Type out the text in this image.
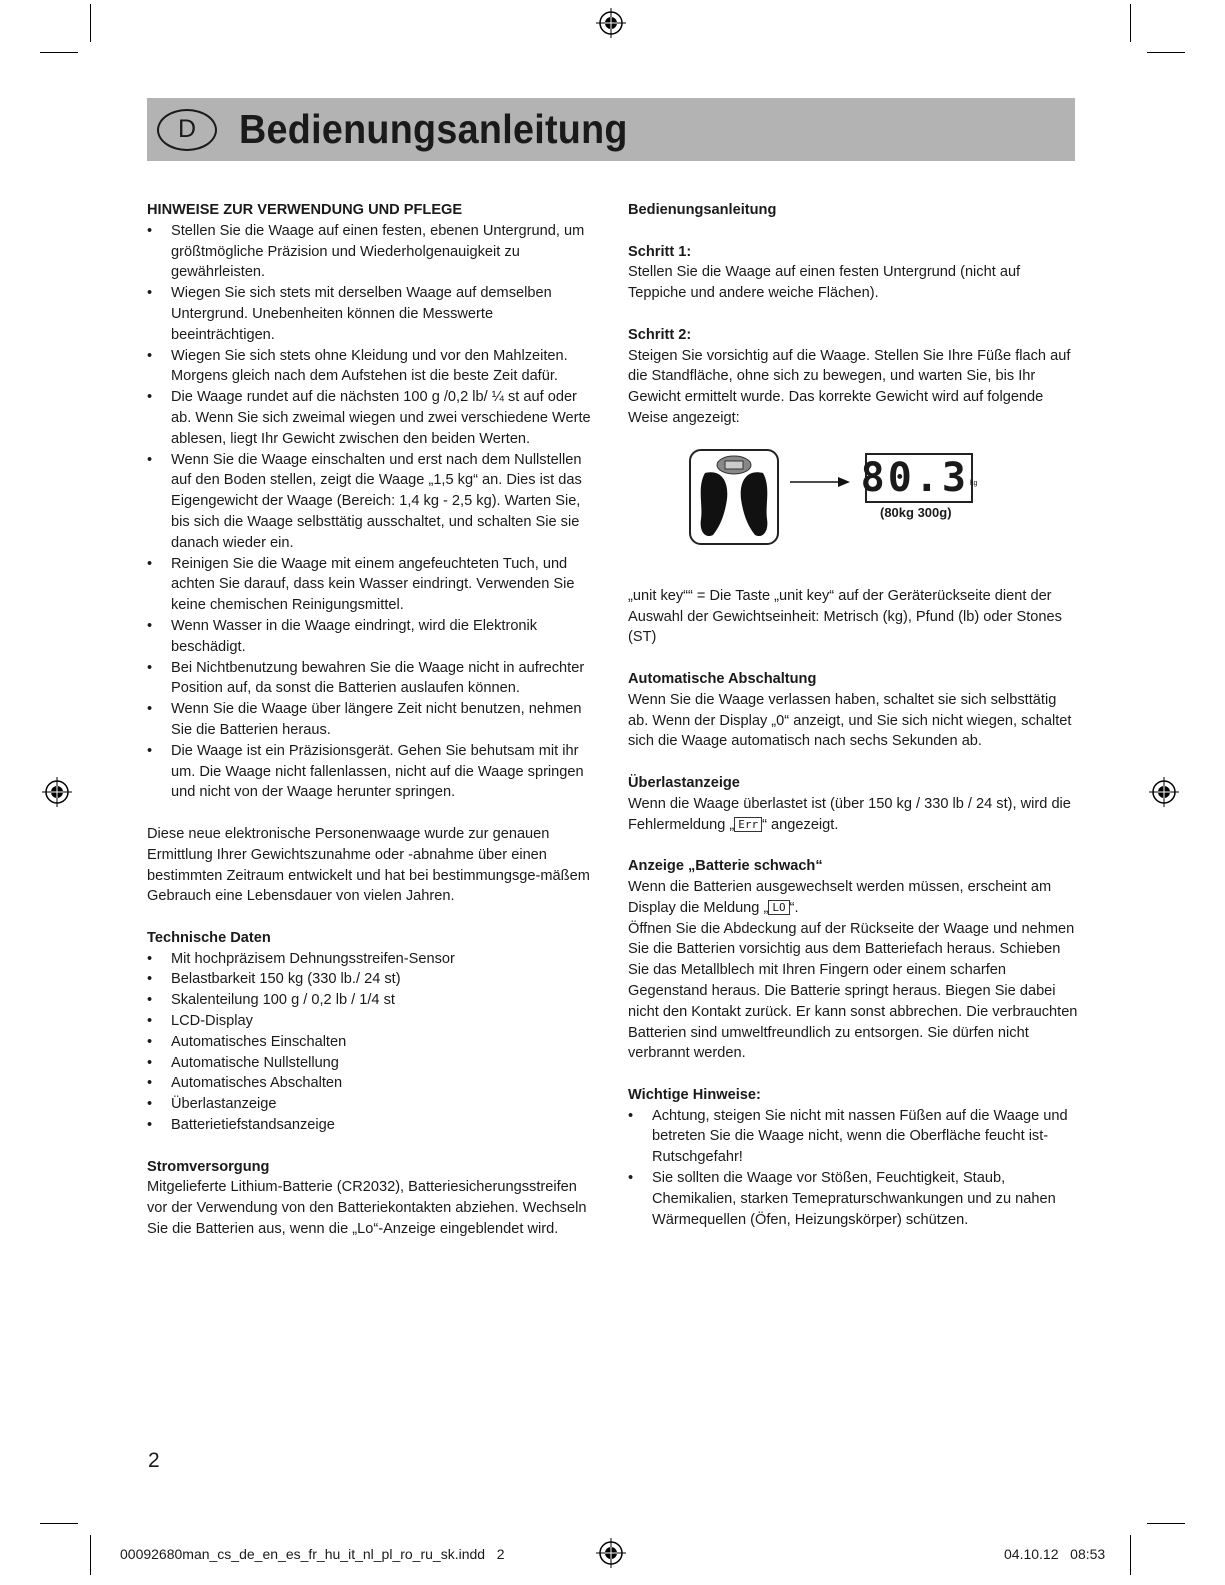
D	Bedienungsanleitung

HINWEISE ZUR VERWENDUNG UND PFLEGE

• Stellen Sie die Waage auf einen festen, ebenen Untergrund, um größtmögliche Präzision und Wiederholgenauigkeit zu gewährleisten.
• Wiegen Sie sich stets mit derselben Waage auf demselben Untergrund. Unebenheiten können die Messwerte beeinträchtigen.
• Wiegen Sie sich stets ohne Kleidung und vor den Mahlzeiten. Morgens gleich nach dem Aufstehen ist die beste Zeit dafür.
• Die Waage rundet auf die nächsten 100 g /0,2 lb/ ¼ st auf oder ab. Wenn Sie sich zweimal wiegen und zwei verschiedene Werte ablesen, liegt Ihr Gewicht zwischen den beiden Werten.
• Wenn Sie die Waage einschalten und erst nach dem Nullstellen auf den Boden stellen, zeigt die Waage „1,5 kg“ an. Dies ist das Eigengewicht der Waage (Bereich: 1,4 kg - 2,5 kg). Warten Sie, bis sich die Waage selbsttätig ausschaltet, und schalten Sie sie danach wieder ein.
• Reinigen Sie die Waage mit einem angefeuchteten Tuch, und achten Sie darauf, dass kein Wasser eindringt. Verwenden Sie keine chemischen Reinigungsmittel.
• Wenn Wasser in die Waage eindringt, wird die Elektronik beschädigt.
• Bei Nichtbenutzung bewahren Sie die Waage nicht in aufrechter Position auf, da sonst die Batterien auslaufen können.
• Wenn Sie die Waage über längere Zeit nicht benutzen, nehmen Sie die Batterien heraus.
• Die Waage ist ein Präzisionsgerät. Gehen Sie behutsam mit ihr um. Die Waage nicht fallenlassen, nicht auf die Waage springen und nicht von der Waage herunter springen.

Diese neue elektronische Personenwaage wurde zur genauen Ermittlung Ihrer Gewichtszunahme oder -abnahme über einen bestimmten Zeitraum entwickelt und hat bei bestimmungsge-mäßem Gebrauch eine Lebensdauer von vielen Jahren.

Technische Daten

• Mit hochpräzisem Dehnungsstreifen-Sensor
• Belastbarkeit 150 kg (330 lb./ 24 st)
• Skalenteilung 100 g / 0,2 lb / 1/4 st
• LCD-Display
• Automatisches Einschalten
• Automatische Nullstellung
• Automatisches Abschalten
• Überlastanzeige
• Batterietiefstandsanzeige

Stromversorgung

Mitgelieferte Lithium-Batterie (CR2032), Batteriesicherungsstreifen vor der Verwendung von den Batteriekontakten abziehen. Wechseln Sie die Batterien aus, wenn die „Lo“-Anzeige eingeblendet wird.

Bedienungsanleitung

Schritt 1:

Stellen Sie die Waage auf einen festen Untergrund (nicht auf Teppiche und andere weiche Flächen).

Schritt 2:

Steigen Sie vorsichtig auf die Waage. Stellen Sie Ihre Füße flach auf die Standfläche, ohne sich zu bewegen, und warten Sie, bis Ihr Gewicht ermittelt wurde. Das korrekte Gewicht wird auf folgende Weise angezeigt:

80.3 kg
(80kg 300g)

„unit key““ = Die Taste „unit key“ auf der Geräterückseite dient der Auswahl der Gewichtseinheit: Metrisch (kg), Pfund (lb) oder Stones (ST)

Automatische Abschaltung

Wenn Sie die Waage verlassen haben, schaltet sie sich selbsttätig ab. Wenn der Display „0“ anzeigt, und Sie sich nicht wiegen, schaltet sich die Waage automatisch nach sechs Sekunden ab.

Überlastanzeige

Wenn die Waage überlastet ist (über 150 kg / 330 lb / 24 st), wird die Fehlermeldung „ Err “ angezeigt.

Anzeige „Batterie schwach“

Wenn die Batterien ausgewechselt werden müssen, erscheint am Display die Meldung „ LO “.

Öffnen Sie die Abdeckung auf der Rückseite der Waage und nehmen Sie die Batterien vorsichtig aus dem Batteriefach heraus. Schieben Sie das Metallblech mit Ihren Fingern oder einem scharfen Gegenstand heraus. Die Batterie springt heraus. Biegen Sie dabei nicht den Kontakt zurück. Er kann sonst abbrechen. Die verbrauchten Batterien sind umweltfreundlich zu entsorgen. Sie dürfen nicht verbrannt werden.

Wichtige Hinweise:

• Achtung, steigen Sie nicht mit nassen Füßen auf die Waage und betreten Sie die Waage nicht, wenn die Oberfläche feucht ist- Rutschgefahr!
• Sie sollten die Waage vor Stößen, Feuchtigkeit, Staub, Chemikalien, starken Temepraturschwankungen und zu nahen Wärmequellen (Öfen, Heizungskörper) schützen.
2
00092680man_cs_de_en_es_fr_hu_it_nl_pl_ro_ru_sk.indd   2	04.10.12   08:53
